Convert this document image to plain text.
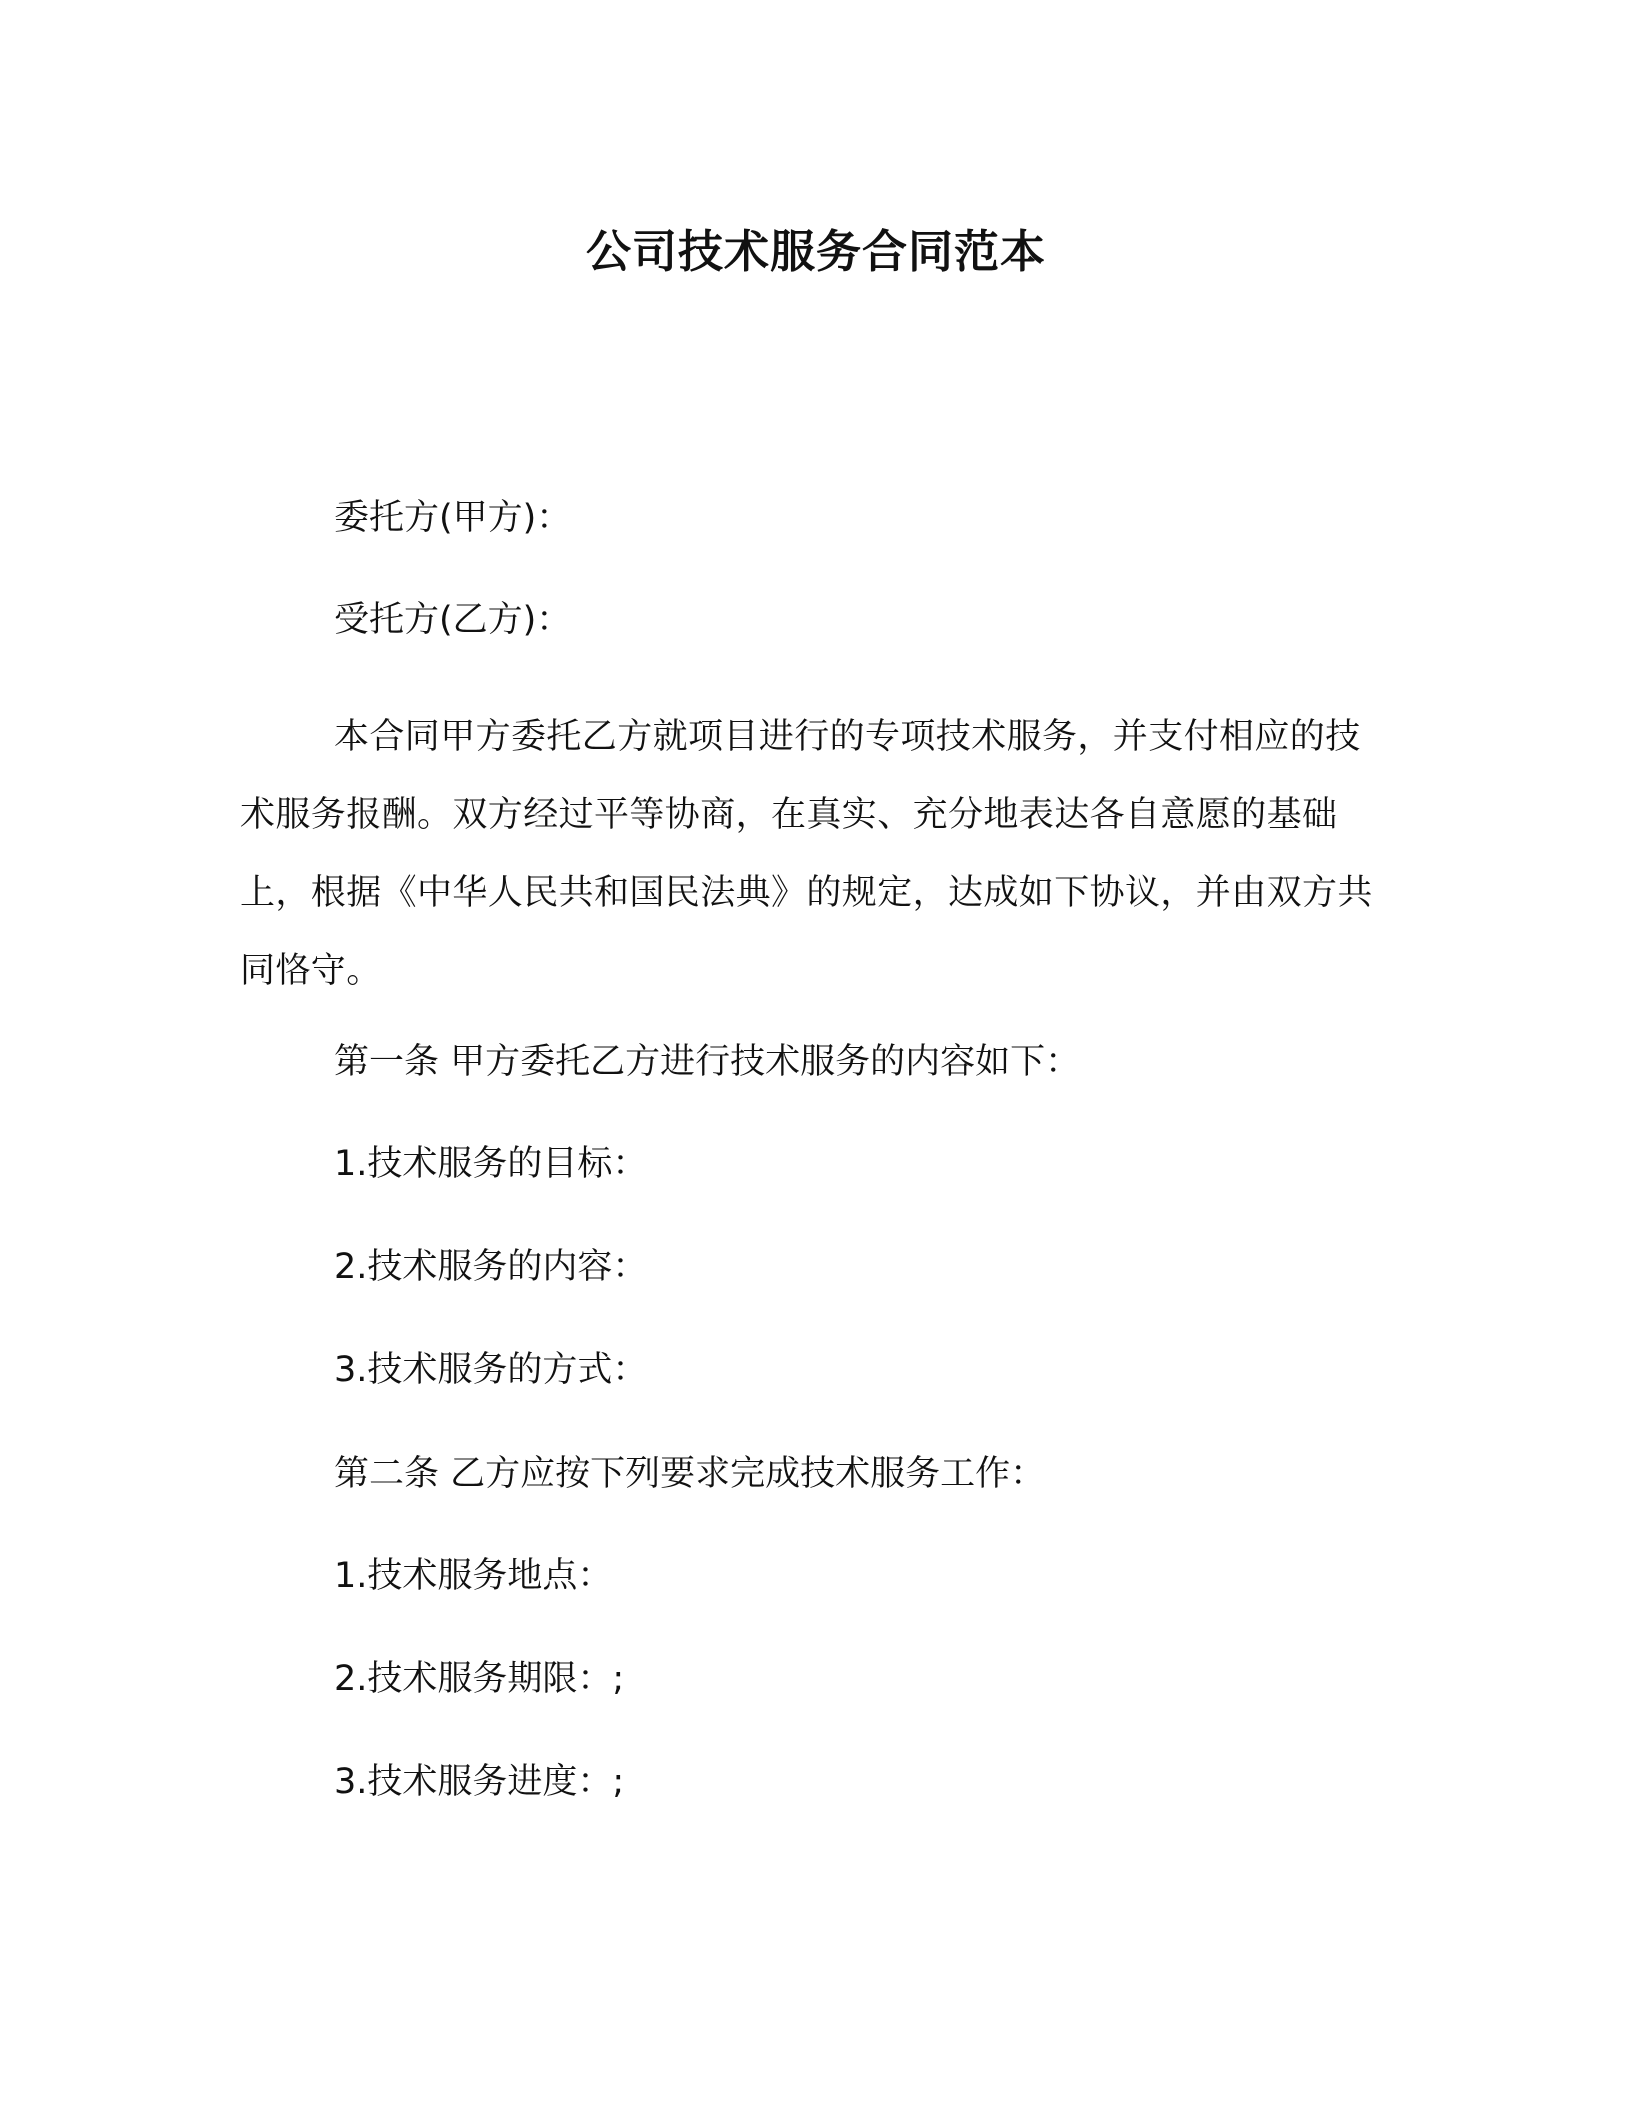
公司技术服务合同范本
委托方(甲方)：
受托方(乙方)：
本合同甲方委托乙方就项目进行的专项技术服务，并支付相应的技术服务报酬。双方经过平等协商，在真实、充分地表达各自意愿的基础上，根据《中华人民共和国民法典》的规定，达成如下协议，并由双方共同恪守。
第一条 甲方委托乙方进行技术服务的内容如下：
1.技术服务的目标：
2.技术服务的内容：
3.技术服务的方式：
第二条 乙方应按下列要求完成技术服务工作：
1.技术服务地点：
2.技术服务期限：;
3.技术服务进度：;
